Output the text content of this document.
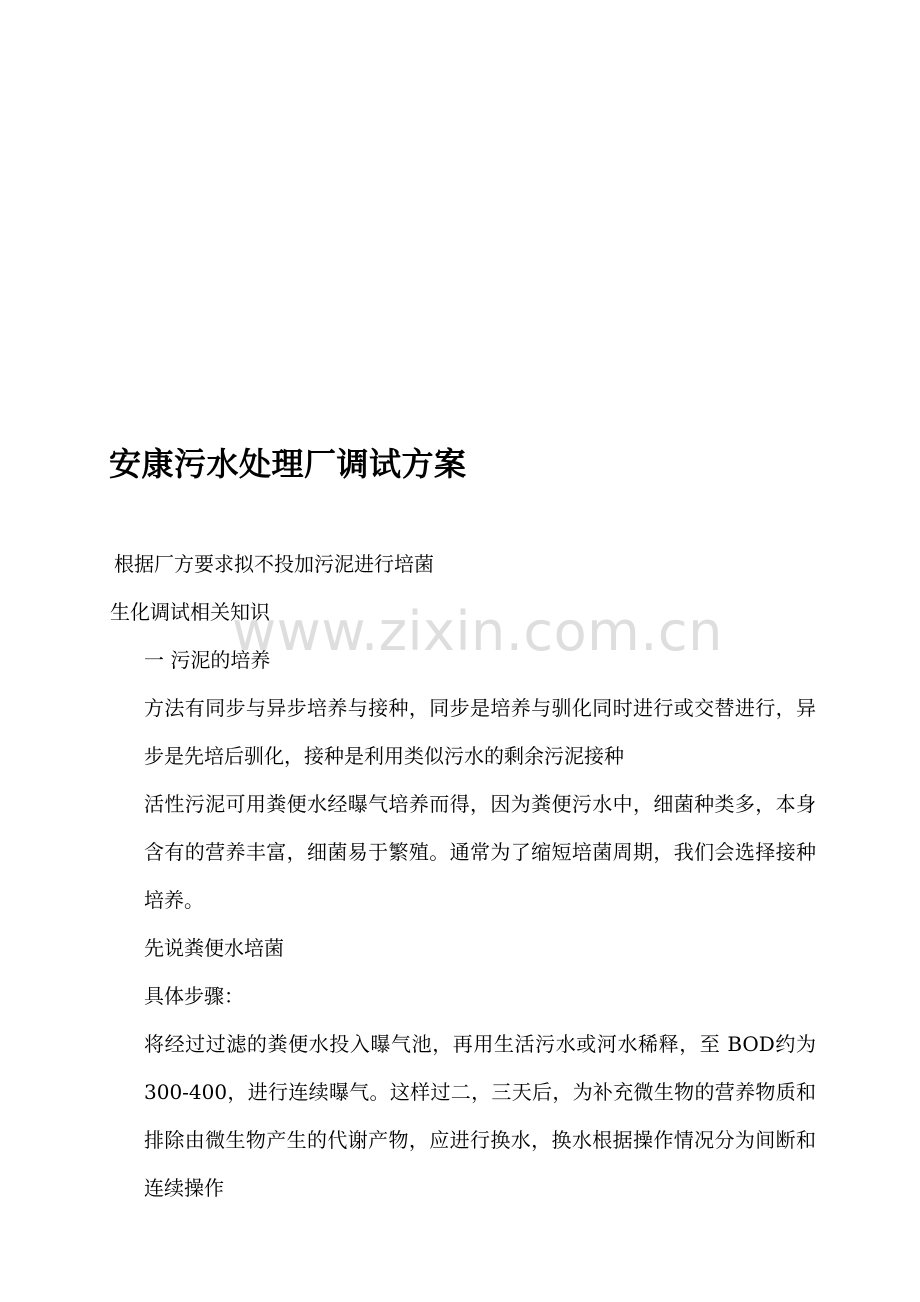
安康污水处理厂调试方案
根据厂方要求拟不投加污泥进行培菌
生化调试相关知识
一 污泥的培养
方法有同步与异步培养与接种，同步是培养与驯化同时进行或交替进行，异步是先培后驯化，接种是利用类似污水的剩余污泥接种
活性污泥可用粪便水经曝气培养而得，因为粪便污水中，细菌种类多，本身含有的营养丰富，细菌易于繁殖。通常为了缩短培菌周期，我们会选择接种培养。
先说粪便水培菌
具体步骤：
将经过过滤的粪便水投入曝气池，再用生活污水或河水稀释，至 BOD约为 300-400，进行连续曝气。这样过二，三天后，为补充微生物的营养物质和排除由微生物产生的代谢产物，应进行换水，换水根据操作情况分为间断和连续操作
www.zixin.com.cn
